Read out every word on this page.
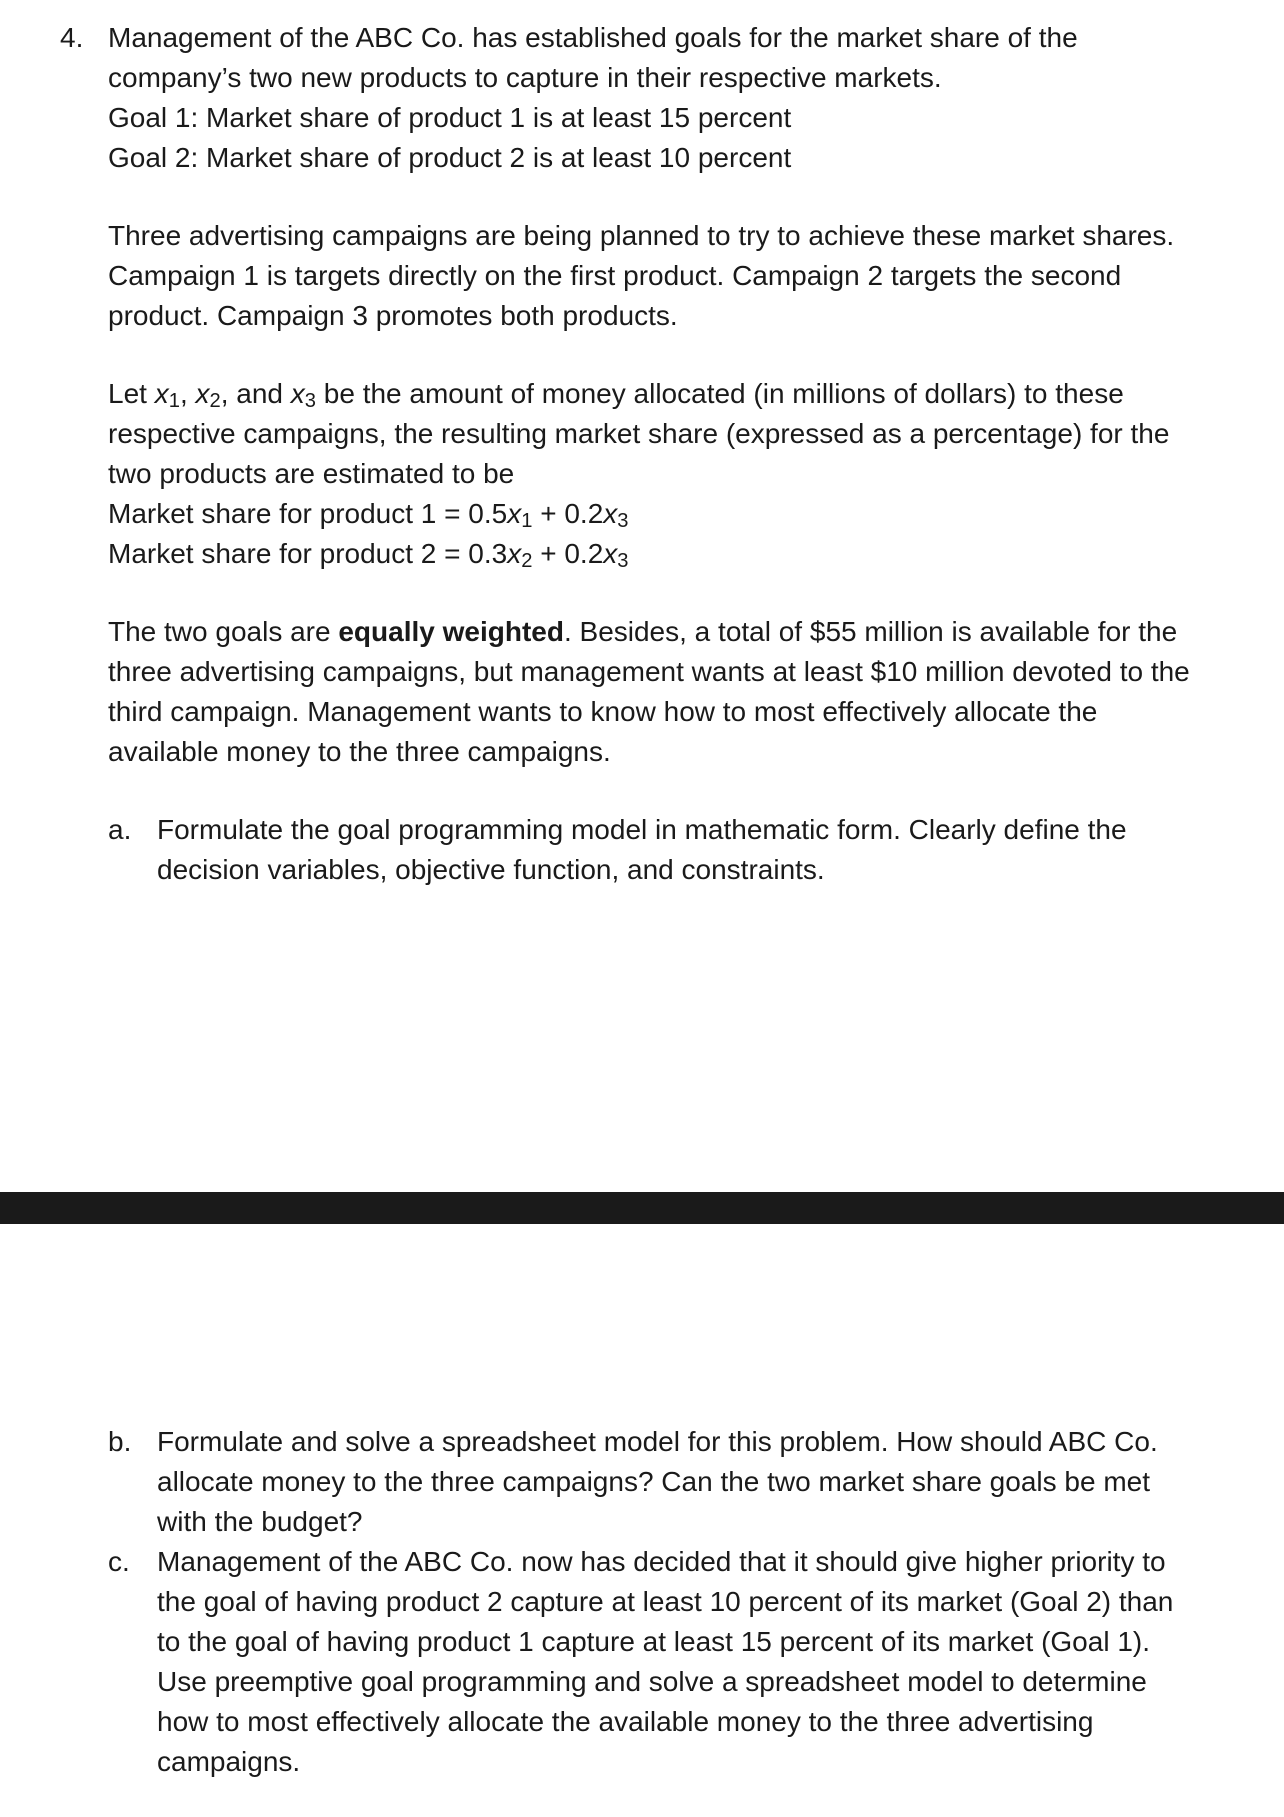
4. Management of the ABC Co. has established goals for the market share of the
company’s two new products to capture in their respective markets.
Goal 1: Market share of product 1 is at least 15 percent
Goal 2: Market share of product 2 is at least 10 percent
Three advertising campaigns are being planned to try to achieve these market shares.
Campaign 1 is targets directly on the first product. Campaign 2 targets the second
product. Campaign 3 promotes both products.
Let x1, x2, and x3 be the amount of money allocated (in millions of dollars) to these
respective campaigns, the resulting market share (expressed as a percentage) for the
two products are estimated to be
Market share for product 1 = 0.5x1 + 0.2x3
Market share for product 2 = 0.3x2 + 0.2x3
The two goals are equally weighted. Besides, a total of $55 million is available for the
three advertising campaigns, but management wants at least $10 million devoted to the
third campaign. Management wants to know how to most effectively allocate the
available money to the three campaigns.
a. Formulate the goal programming model in mathematic form. Clearly define the
decision variables, objective function, and constraints.
b. Formulate and solve a spreadsheet model for this problem. How should ABC Co.
allocate money to the three campaigns? Can the two market share goals be met
with the budget?
c. Management of the ABC Co. now has decided that it should give higher priority to
the goal of having product 2 capture at least 10 percent of its market (Goal 2) than
to the goal of having product 1 capture at least 15 percent of its market (Goal 1).
Use preemptive goal programming and solve a spreadsheet model to determine
how to most effectively allocate the available money to the three advertising
campaigns.
